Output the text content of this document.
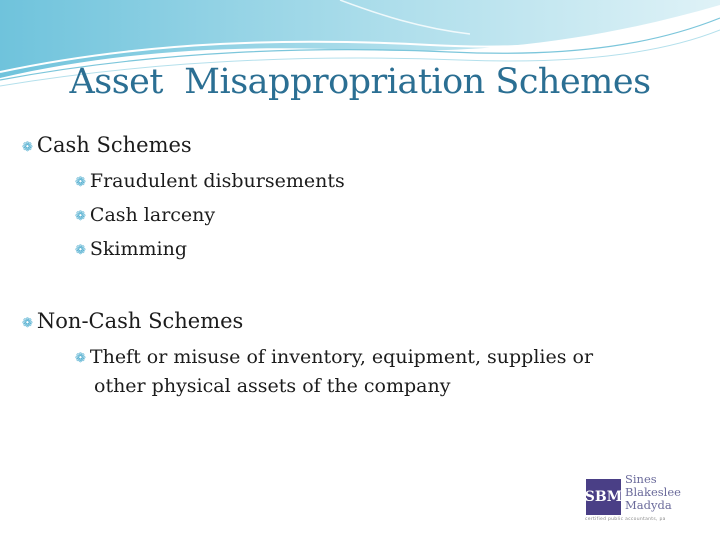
Asset  Misappropriation Schemes
❁ Cash Schemes
❁ Fraudulent disbursements
❁ Cash larceny
❁ Skimming
❁ Non-Cash Schemes
❁ Theft or misuse of inventory, equipment, supplies or
other physical assets of the company
SBM
Sines
Blakeslee
Madyda
certified public accountants, pa
